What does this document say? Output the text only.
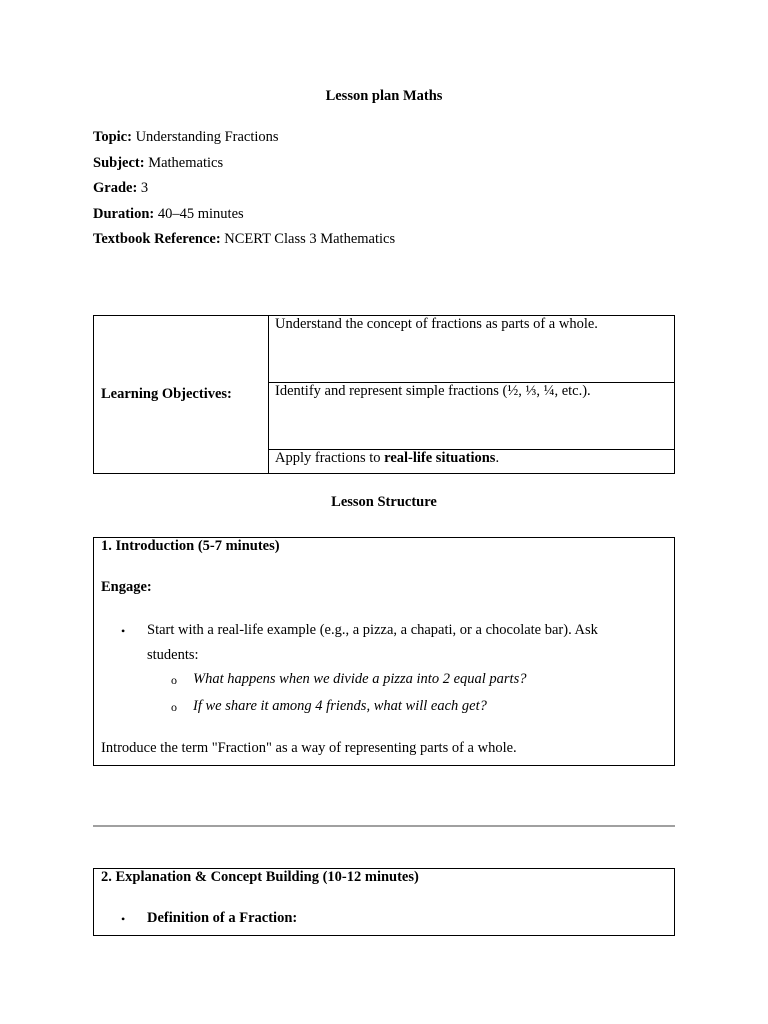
Lesson plan Maths
Topic: Understanding Fractions
Subject: Mathematics
Grade: 3
Duration: 40–45 minutes
Textbook Reference: NCERT Class 3 Mathematics
Learning Objectives:	Understand the concept of fractions as parts of a whole.
Identify and represent simple fractions (½, ⅓, ¼, etc.).
Apply fractions to real-life situations.
Lesson Structure
1. Introduction (5-7 minutes)
Engage:
• Start with a real-life example (e.g., a pizza, a chapati, or a chocolate bar). Ask
students:
o What happens when we divide a pizza into 2 equal parts?
o If we share it among 4 friends, what will each get?
Introduce the term "Fraction" as a way of representing parts of a whole.
2. Explanation & Concept Building (10-12 minutes)
• Definition of a Fraction:
